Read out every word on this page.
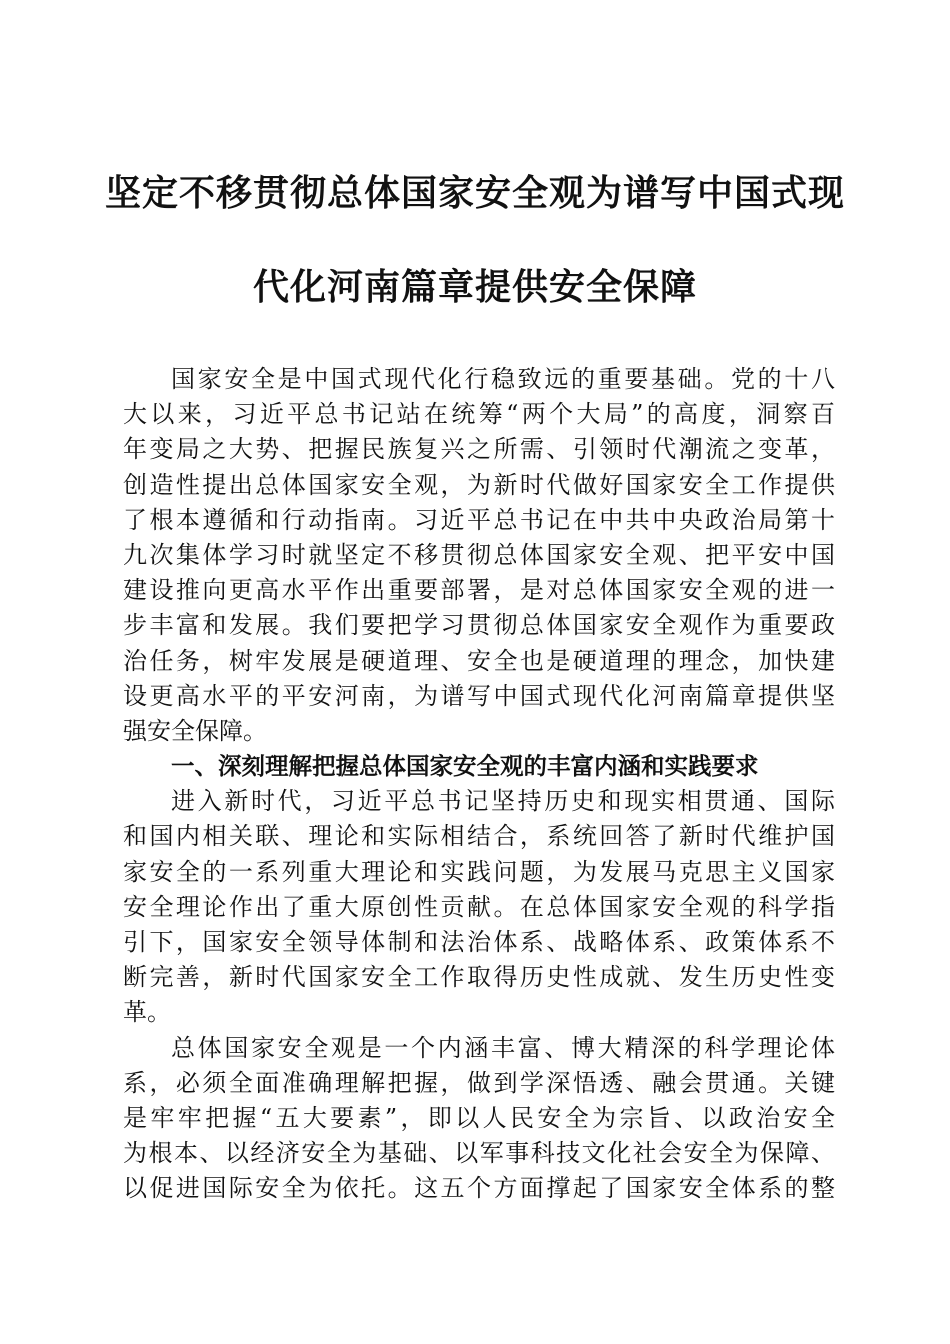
坚定不移贯彻总体国家安全观为谱写中国式现
代化河南篇章提供安全保障
国家安全是中国式现代化行稳致远的重要基础。党的十八
大以来，习近平总书记站在统筹“两个大局”的高度，洞察百
年变局之大势、把握民族复兴之所需、引领时代潮流之变革，
创造性提出总体国家安全观，为新时代做好国家安全工作提供
了根本遵循和行动指南。习近平总书记在中共中央政治局第十
九次集体学习时就坚定不移贯彻总体国家安全观、把平安中国
建设推向更高水平作出重要部署，是对总体国家安全观的进一
步丰富和发展。我们要把学习贯彻总体国家安全观作为重要政
治任务，树牢发展是硬道理、安全也是硬道理的理念，加快建
设更高水平的平安河南，为谱写中国式现代化河南篇章提供坚
强安全保障。
一、深刻理解把握总体国家安全观的丰富内涵和实践要求
进入新时代，习近平总书记坚持历史和现实相贯通、国际
和国内相关联、理论和实际相结合，系统回答了新时代维护国
家安全的一系列重大理论和实践问题，为发展马克思主义国家
安全理论作出了重大原创性贡献。在总体国家安全观的科学指
引下，国家安全领导体制和法治体系、战略体系、政策体系不
断完善，新时代国家安全工作取得历史性成就、发生历史性变
革。
总体国家安全观是一个内涵丰富、博大精深的科学理论体
系，必须全面准确理解把握，做到学深悟透、融会贯通。关键
是牢牢把握“五大要素”，即以人民安全为宗旨、以政治安全
为根本、以经济安全为基础、以军事科技文化社会安全为保障、
以促进国际安全为依托。这五个方面撑起了国家安全体系的整
